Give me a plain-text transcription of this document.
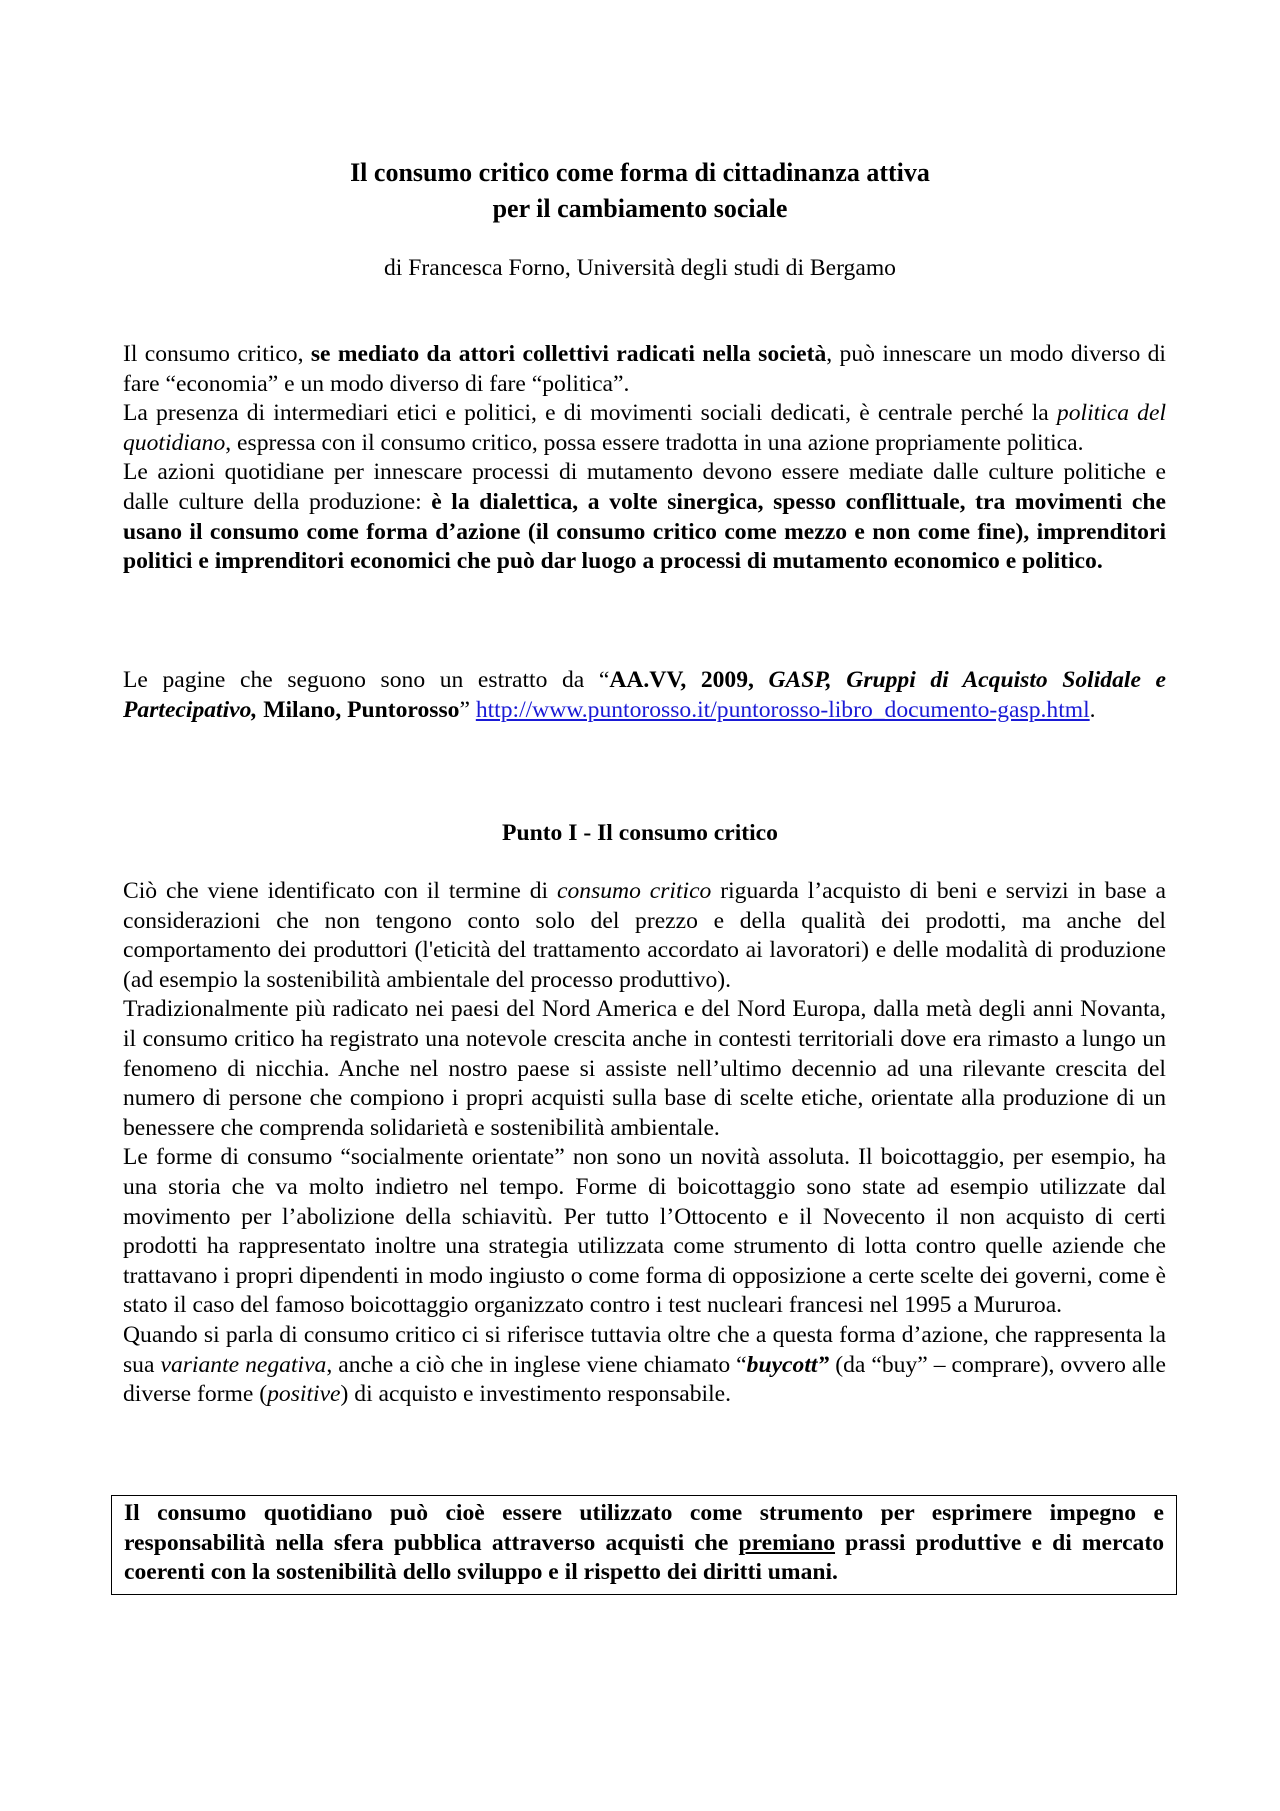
Il consumo critico come forma di cittadinanza attiva
per il cambiamento sociale
di Francesca Forno, Università degli studi di Bergamo

Il consumo critico, se mediato da attori collettivi radicati nella società, può innescare un modo diverso di fare “economia” e un modo diverso di fare “politica”.

La presenza di intermediari etici e politici, e di movimenti sociali dedicati, è centrale perché la politica del quotidiano, espressa con il consumo critico, possa essere tradotta in una azione propriamente politica.

Le azioni quotidiane per innescare processi di mutamento devono essere mediate dalle culture politiche e dalle culture della produzione: è la dialettica, a volte sinergica, spesso conflittuale, tra movimenti che usano il consumo come forma d’azione (il consumo critico come mezzo e non come fine), imprenditori politici e imprenditori economici che può dar luogo a processi di mutamento economico e politico.

Le pagine che seguono sono un estratto da “AA.VV, 2009, GASP, Gruppi di Acquisto Solidale e Partecipativo, Milano, Puntorosso” http://www.puntorosso.it/puntorosso-libro_documento-gasp.html.

Punto I - Il consumo critico

Ciò che viene identificato con il termine di consumo critico riguarda l’acquisto di beni e servizi in base a considerazioni che non tengono conto solo del prezzo e della qualità dei prodotti, ma anche del comportamento dei produttori (l'eticità del trattamento accordato ai lavoratori) e delle modalità di produzione (ad esempio la sostenibilità ambientale del processo produttivo).

Tradizionalmente più radicato nei paesi del Nord America e del Nord Europa, dalla metà degli anni Novanta, il consumo critico ha registrato una notevole crescita anche in contesti territoriali dove era rimasto a lungo un fenomeno di nicchia. Anche nel nostro paese si assiste nell’ultimo decennio ad una rilevante crescita del numero di persone che compiono i propri acquisti sulla base di scelte etiche, orientate alla produzione di un benessere che comprenda solidarietà e sostenibilità ambientale.

Le forme di consumo “socialmente orientate” non sono un novità assoluta. Il boicottaggio, per esempio, ha una storia che va molto indietro nel tempo. Forme di boicottaggio sono state ad esempio utilizzate dal movimento per l’abolizione della schiavitù. Per tutto l’Ottocento e il Novecento il non acquisto di certi prodotti ha rappresentato inoltre una strategia utilizzata come strumento di lotta contro quelle aziende che trattavano i propri dipendenti in modo ingiusto o come forma di opposizione a certe scelte dei governi, come è stato il caso del famoso boicottaggio organizzato contro i test nucleari francesi nel 1995 a Mururoa.

Quando si parla di consumo critico ci si riferisce tuttavia oltre che a questa forma d’azione, che rappresenta la sua variante negativa, anche a ciò che in inglese viene chiamato “buycott” (da “buy” – comprare), ovvero alle diverse forme (positive) di acquisto e investimento responsabile.

Il consumo quotidiano può cioè essere utilizzato come strumento per esprimere impegno e responsabilità nella sfera pubblica attraverso acquisti che premiano prassi produttive e di mercato coerenti con la sostenibilità dello sviluppo e il rispetto dei diritti umani.
